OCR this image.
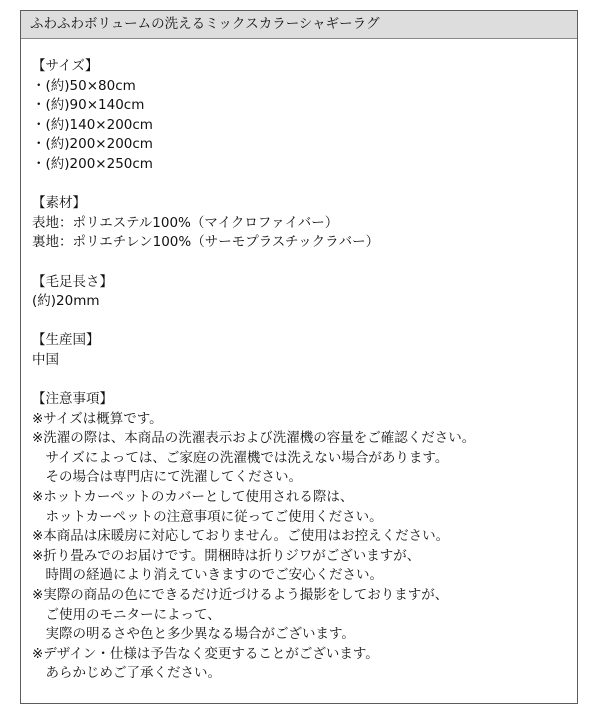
ふわふわボリュームの洗えるミックスカラーシャギーラグ
【サイズ】
・(約)50×80cm
・(約)90×140cm
・(約)140×200cm
・(約)200×200cm
・(約)200×250cm
【素材】
表地：ポリエステル100%（マイクロファイバー）
裏地：ポリエチレン100%（サーモプラスチックラバー）
【毛足長さ】
(約)20mm
【生産国】
中国
【注意事項】
※サイズは概算です。
※洗濯の際は、本商品の洗濯表示および洗濯機の容量をご確認ください。
　サイズによっては、ご家庭の洗濯機では洗えない場合があります。
　その場合は専門店にて洗濯してください。
※ホットカーペットのカバーとして使用される際は、
　ホットカーペットの注意事項に従ってご使用ください。
※本商品は床暖房に対応しておりません。ご使用はお控えください。
※折り畳みでのお届けです。開梱時は折りジワがございますが、
　時間の経過により消えていきますのでご安心ください。
※実際の商品の色にできるだけ近づけるよう撮影をしておりますが、
　ご使用のモニターによって、
　実際の明るさや色と多少異なる場合がございます。
※デザイン・仕様は予告なく変更することがございます。
　あらかじめご了承ください。
